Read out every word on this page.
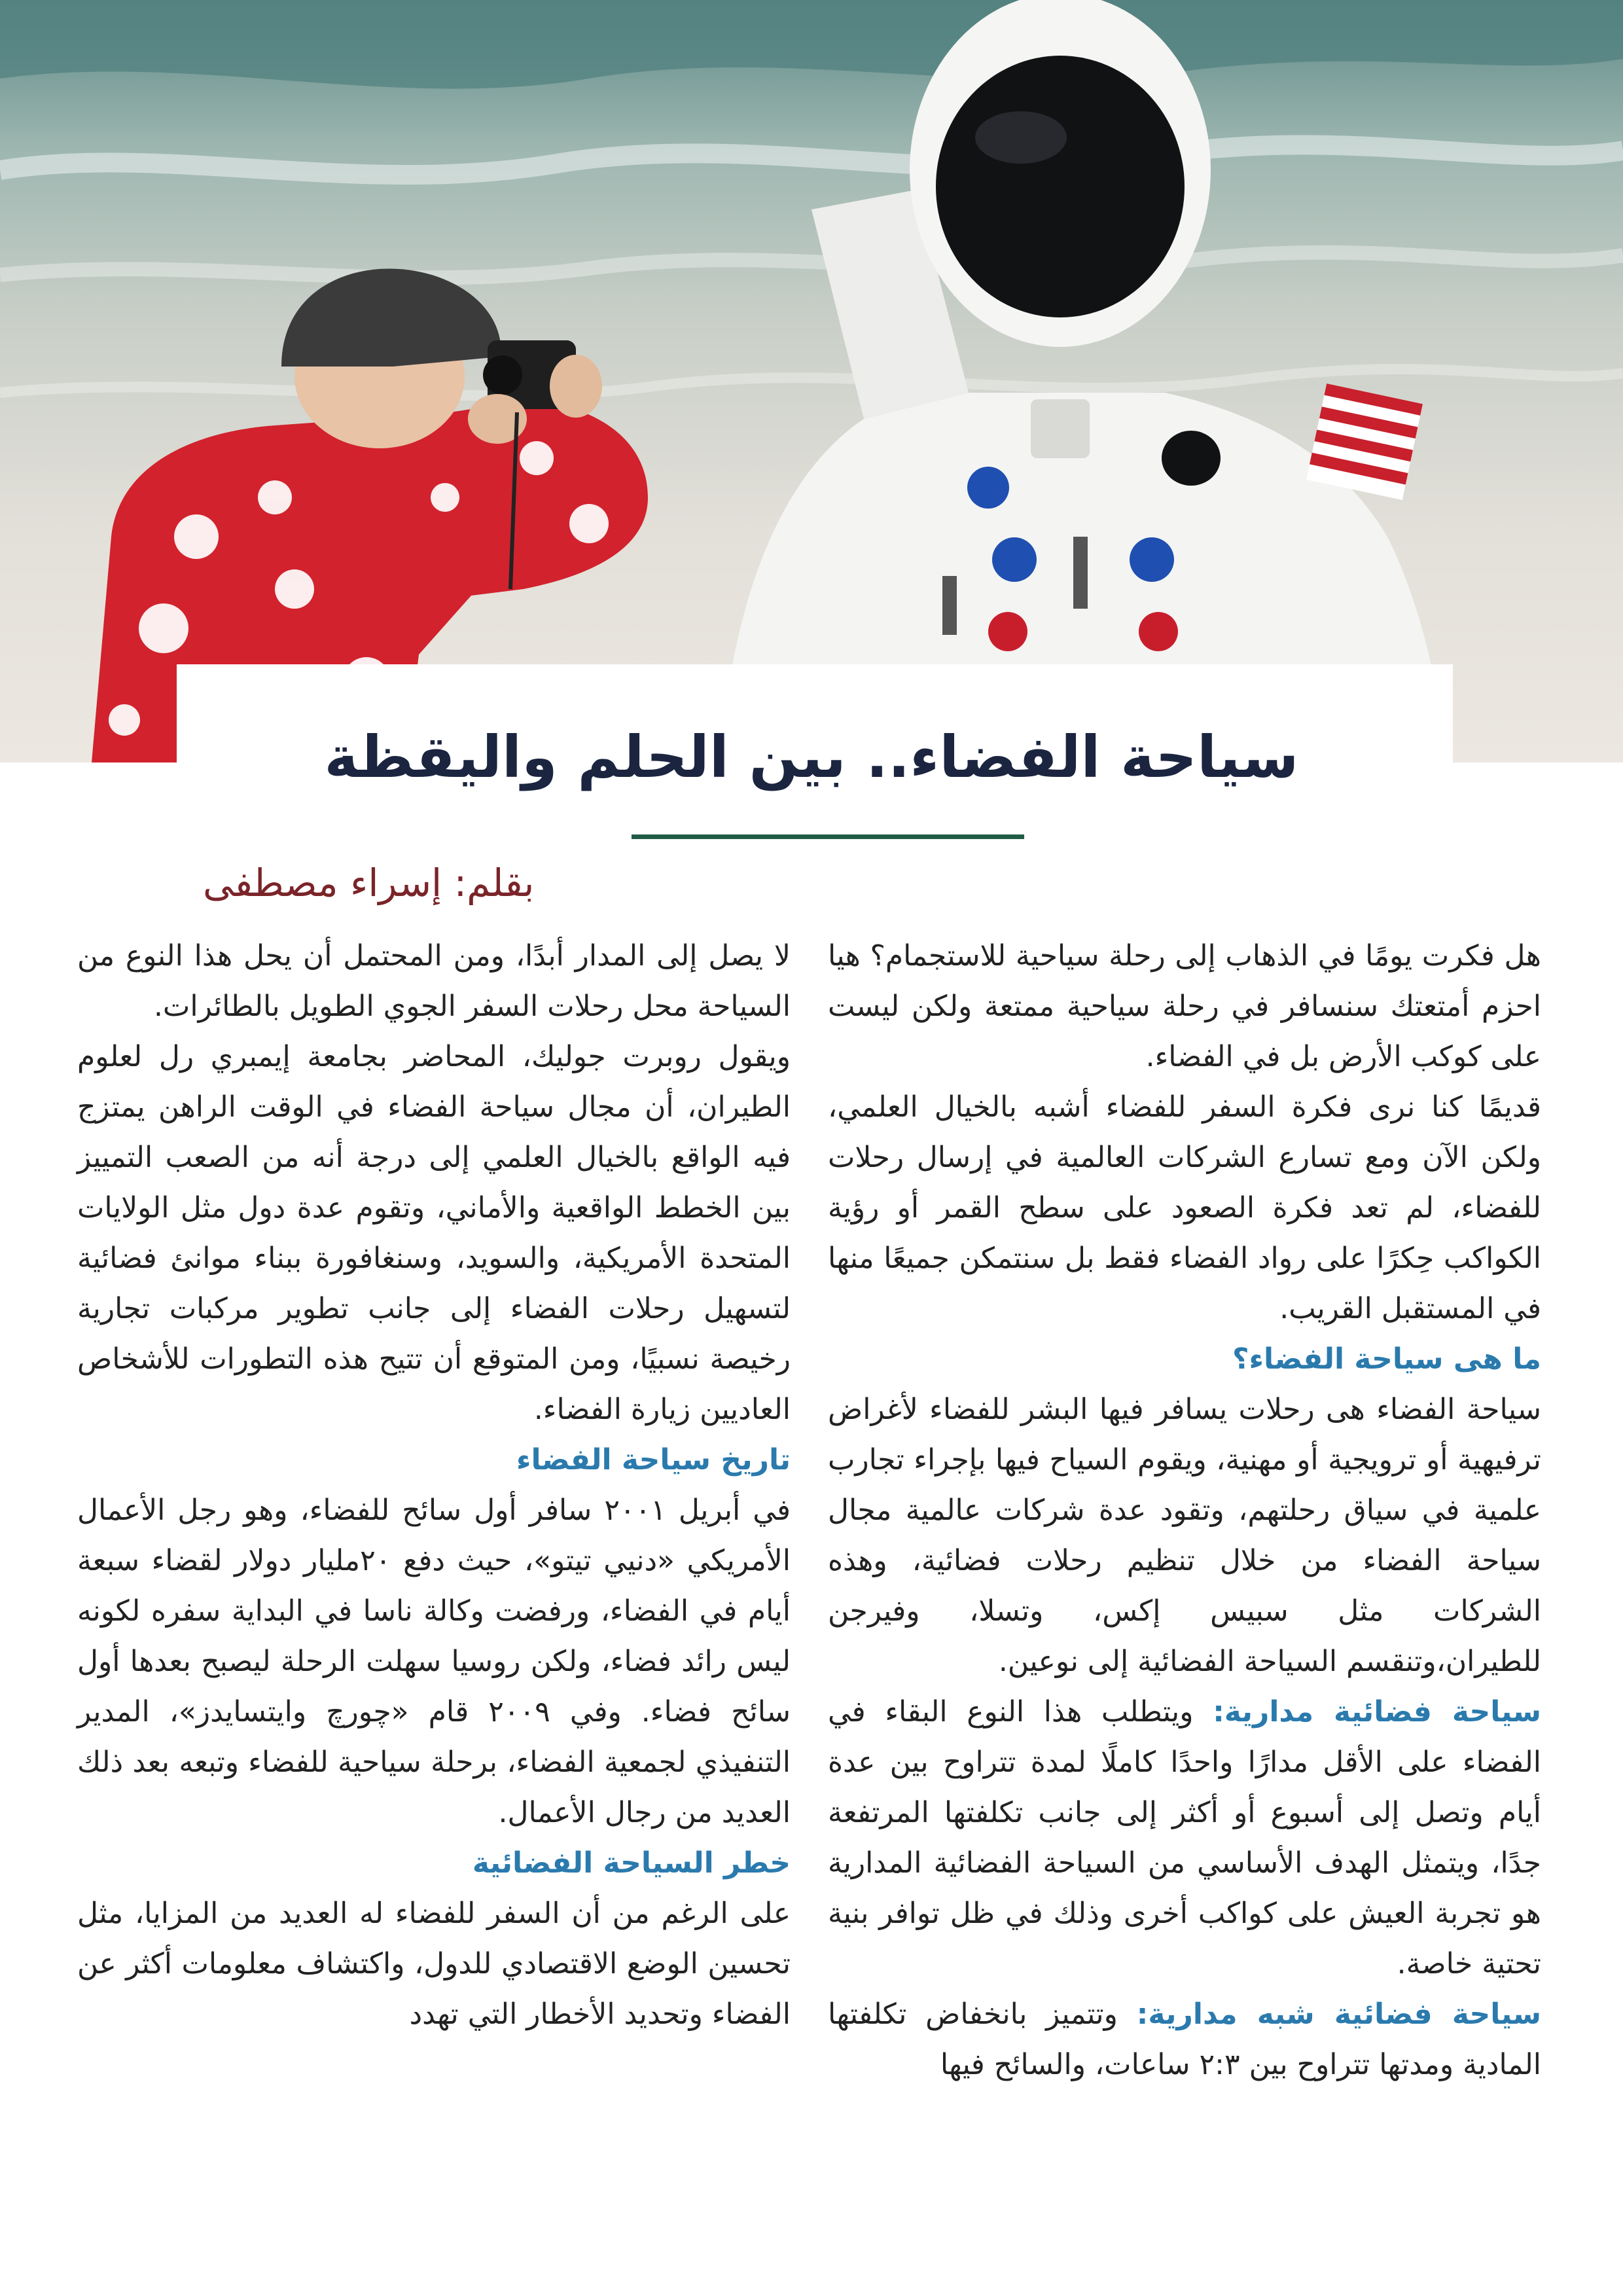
سياحة الفضاء.. بين الحلم واليقظة

بقلم: إسراء مصطفى

هل فكرت يومًا في الذهاب إلى رحلة سياحية للاستجمام؟ هيا احزم أمتعتك سنسافر في رحلة سياحية ممتعة ولكن ليست على كوكب الأرض بل في الفضاء.

قديمًا كنا نرى فكرة السفر للفضاء أشبه بالخيال العلمي، ولكن الآن ومع تسارع الشركات العالمية في إرسال رحلات للفضاء، لم تعد فكرة الصعود على سطح القمر أو رؤية الكواكب حِكرًا على رواد الفضاء فقط بل سنتمكن جميعًا منها في المستقبل القريب.

ما هى سياحة الفضاء؟

سياحة الفضاء هى رحلات يسافر فيها البشر للفضاء لأغراض ترفيهية أو ترويجية أو مهنية، ويقوم السياح فيها بإجراء تجارب علمية في سياق رحلتهم، وتقود عدة شركات عالمية مجال سياحة الفضاء من خلال تنظيم رحلات فضائية، وهذه الشركات مثل سبيس إكس، وتسلا، وفيرجن للطيران،وتنقسم السياحة الفضائية إلى نوعين.

سياحة فضائية مدارية: ويتطلب هذا النوع البقاء في الفضاء على الأقل مدارًا واحدًا كاملًا لمدة تتراوح بين عدة أيام وتصل إلى أسبوع أو أكثر إلى جانب تكلفتها المرتفعة جدًا، ويتمثل الهدف الأساسي من السياحة الفضائية المدارية هو تجربة العيش على كواكب أخرى وذلك في ظل توافر بنية تحتية خاصة.

سياحة فضائية شبه مدارية: وتتميز بانخفاض تكلفتها المادية ومدتها تتراوح بين ٢:٣ ساعات، والسائح فيها

لا يصل إلى المدار أبدًا، ومن المحتمل أن يحل هذا النوع من السياحة محل رحلات السفر الجوي الطويل بالطائرات.

ويقول روبرت جوليك، المحاضر بجامعة إيمبري رل لعلوم الطيران، أن مجال سياحة الفضاء في الوقت الراهن يمتزج فيه الواقع بالخيال العلمي إلى درجة أنه من الصعب التمييز بين الخطط الواقعية والأماني، وتقوم عدة دول مثل الولايات المتحدة الأمريكية، والسويد، وسنغافورة ببناء موانئ فضائية لتسهيل رحلات الفضاء إلى جانب تطوير مركبات تجارية رخيصة نسبيًا، ومن المتوقع أن تتيح هذه التطورات للأشخاص العاديين زيارة الفضاء.

تاريخ سياحة الفضاء

في أبريل ٢٠٠١ سافر أول سائح للفضاء، وهو رجل الأعمال الأمريكي «دنيي تيتو»، حيث دفع ٢٠مليار دولار لقضاء سبعة أيام في الفضاء، ورفضت وكالة ناسا في البداية سفره لكونه ليس رائد فضاء، ولكن روسيا سهلت الرحلة ليصبح بعدها أول سائح فضاء. وفي ٢٠٠٩ قام «چورچ وايتسايدز»، المدير التنفيذي لجمعية الفضاء، برحلة سياحية للفضاء وتبعه بعد ذلك العديد من رجال الأعمال.

خطر السياحة الفضائية

على الرغم من أن السفر للفضاء له العديد من المزايا، مثل تحسين الوضع الاقتصادي للدول، واكتشاف معلومات أكثر عن الفضاء وتحديد الأخطار التي تهدد
